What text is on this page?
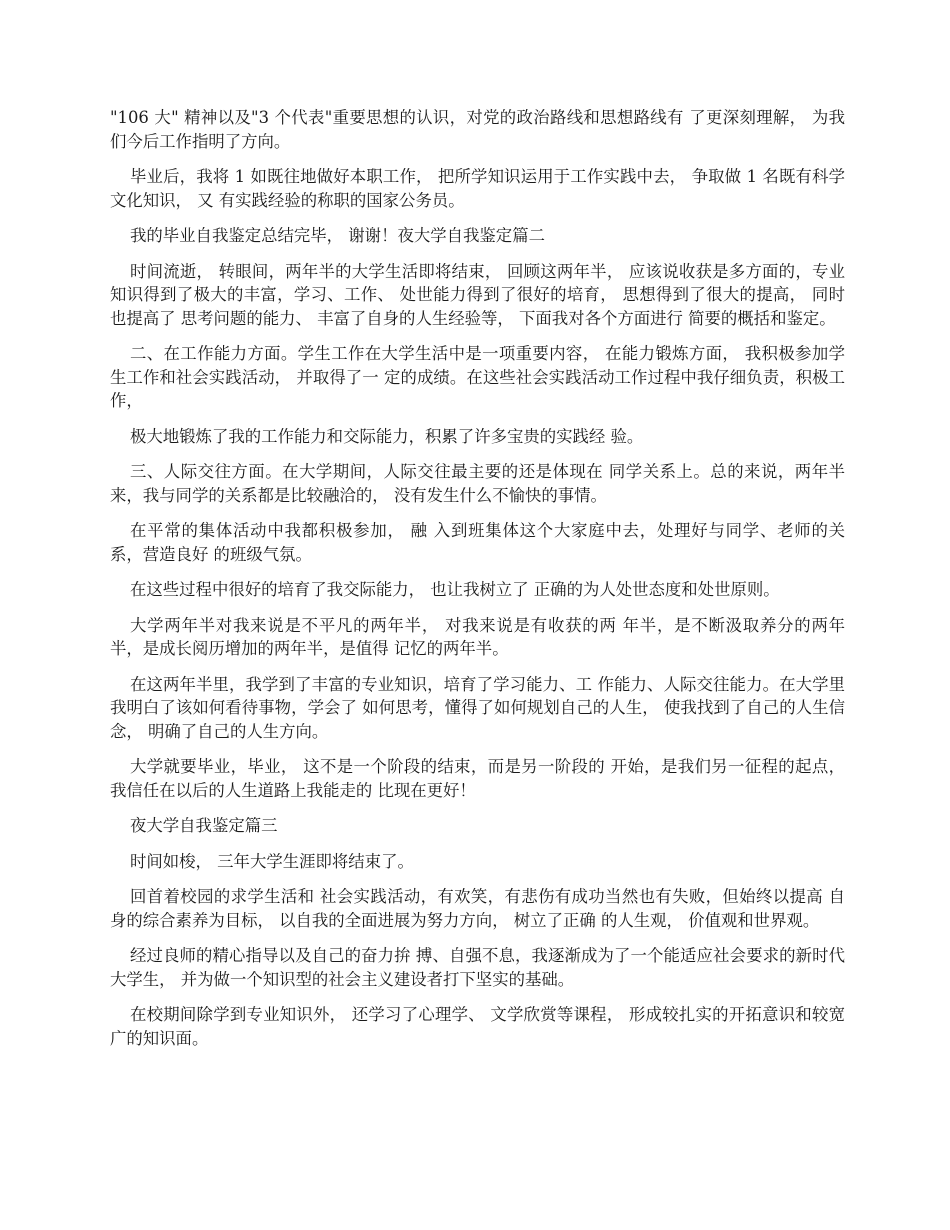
"106 大" 精神以及"3 个代表"重要思想的认识，对党的政治路线和思想路线有 了更深刻理解， 为我们今后工作指明了方向。

毕业后，我将 1 如既往地做好本职工作， 把所学知识运用于工作实践中去， 争取做 1 名既有科学文化知识， 又 有实践经验的称职的国家公务员。

我的毕业自我鉴定总结完毕， 谢谢！夜大学自我鉴定篇二

时间流逝， 转眼间，两年半的大学生活即将结束， 回顾这两年半， 应该说收获是多方面的，专业知识得到了极大的丰富，学习、工作、 处世能力得到了很好的培育， 思想得到了很大的提高， 同时也提高了 思考问题的能力、 丰富了自身的人生经验等， 下面我对各个方面进行 简要的概括和鉴定。

二、在工作能力方面。学生工作在大学生活中是一项重要内容， 在能力锻炼方面， 我积极参加学生工作和社会实践活动， 并取得了一 定的成绩。在这些社会实践活动工作过程中我仔细负责，积极工作，

极大地锻炼了我的工作能力和交际能力，积累了许多宝贵的实践经 验。

三、人际交往方面。在大学期间，人际交往最主要的还是体现在 同学关系上。总的来说，两年半来，我与同学的关系都是比较融洽的， 没有发生什么不愉快的事情。

在平常的集体活动中我都积极参加， 融 入到班集体这个大家庭中去，处理好与同学、老师的关系，营造良好 的班级气氛。

在这些过程中很好的培育了我交际能力， 也让我树立了 正确的为人处世态度和处世原则。

大学两年半对我来说是不平凡的两年半， 对我来说是有收获的两 年半，是不断汲取养分的两年半，是成长阅历增加的两年半，是值得 记忆的两年半。

在这两年半里，我学到了丰富的专业知识，培育了学习能力、工 作能力、人际交往能力。在大学里我明白了该如何看待事物，学会了 如何思考，懂得了如何规划自己的人生， 使我找到了自己的人生信念， 明确了自己的人生方向。

大学就要毕业，毕业， 这不是一个阶段的结束，而是另一阶段的 开始，是我们另一征程的起点， 我信任在以后的人生道路上我能走的 比现在更好！

夜大学自我鉴定篇三

时间如梭， 三年大学生涯即将结束了。

回首着校园的求学生活和 社会实践活动，有欢笑，有悲伤有成功当然也有失败，但始终以提高 自身的综合素养为目标， 以自我的全面进展为努力方向， 树立了正确 的人生观， 价值观和世界观。

经过良师的精心指导以及自己的奋力拚 搏、自强不息，我逐渐成为了一个能适应社会要求的新时代大学生， 并为做一个知识型的社会主义建设者打下坚实的基础。

在校期间除学到专业知识外， 还学习了心理学、 文学欣赏等课程， 形成较扎实的开拓意识和较宽广的知识面。
